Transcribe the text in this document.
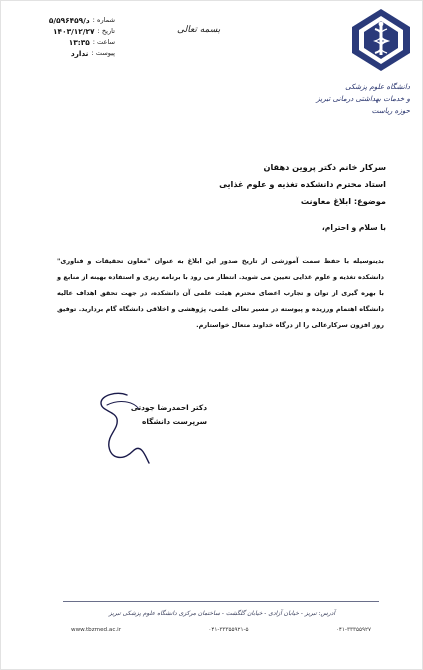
۵/د/۵۹۶۴۵۹ : شماره
۱۴۰۳/۱۲/۲۷ : تاریخ
۱۳:۳۵ : ساعت
ندارد : پیوست
بسمه تعالی
دانشگاه علوم پزشکی
و خدمات بهداشتی درمانی تبریز
حوزه ریاست
سرکار خانم دکتر پروین دهقان
استاد محترم دانشکده تغذیه و علوم غذایی
موضوع: ابلاغ معاونت
با سلام و احترام،
بدینوسیله با حفظ سمت آموزشی از تاریخ صدور این ابلاغ به عنوان "معاون تحقیقات و فناوری" دانشکده تغذیه و علوم غذایی تعیین می شوید. انتظار می رود با برنامه ریزی و استفاده بهینه از منابع و با بهره گیری از توان و تجارب اعضای محترم هیئت علمی آن دانشکده، در جهت تحقق اهداف عالیه دانشگاه اهتمام ورزیده و پیوسته در مسیر تعالی علمی، پژوهشی و اخلاقی دانشگاه گام بردارید. توفیق روز افزون سرکارعالی را از درگاه خداوند متعال خواستارم.
دکتر احمدرضا جودتی
سرپرست دانشگاه
آدرس: تبریز - خیابان آزادی - خیابان گلگشت - ساختمان مرکزی دانشگاه علوم پزشکی تبریز
www.tbzmed.ac.ir	۰۴۱-۳۳۳۵۵۹۲۱-۵	۰۴۱-۳۳۳۵۵۹۲۷
